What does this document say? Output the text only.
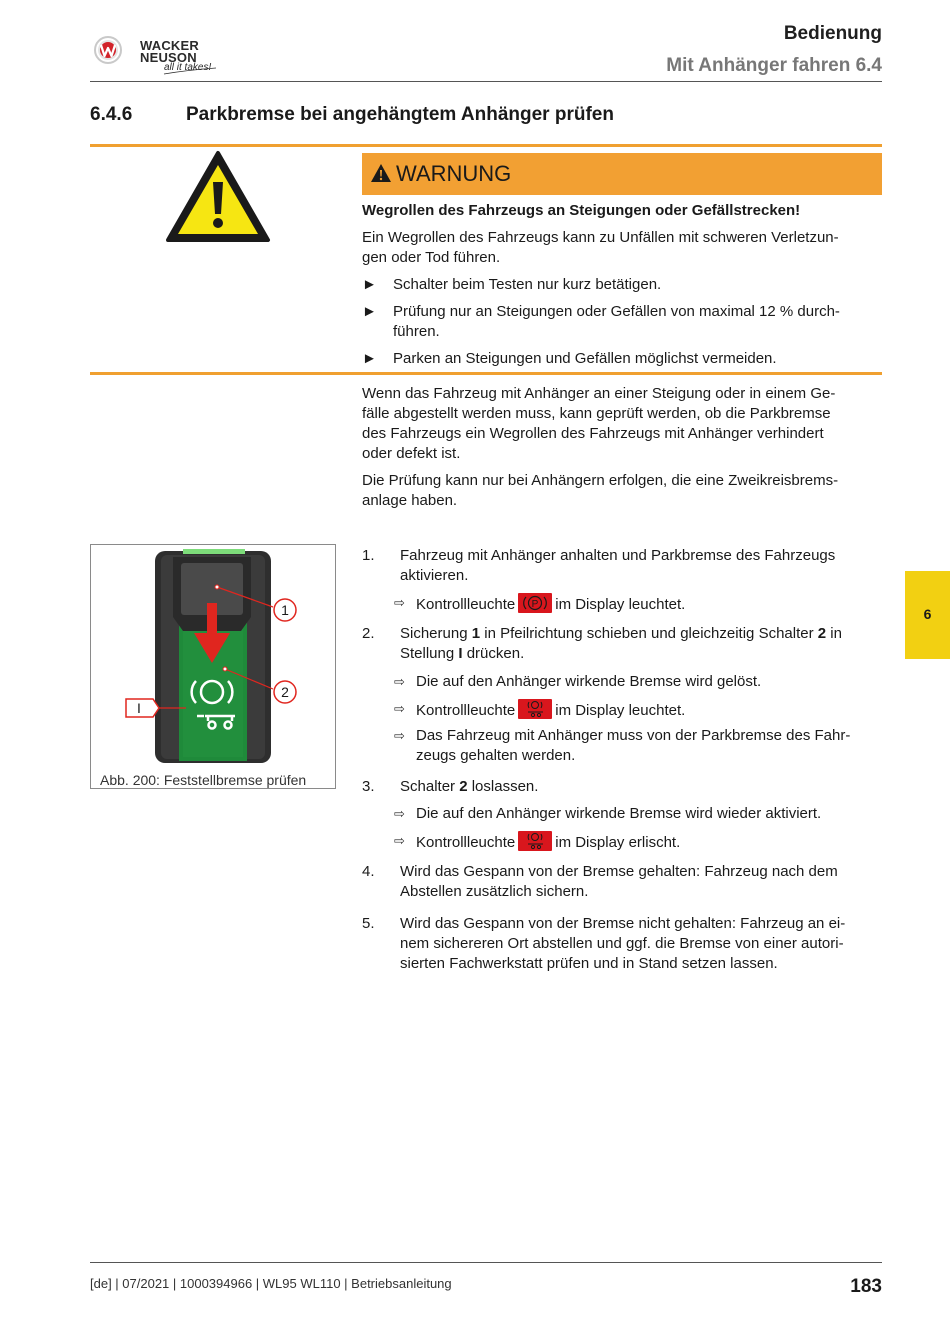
WACKER
NEUSON
all it takes!
Bedienung
Mit Anhänger fahren 6.4
6.4.6	Parkbremse bei angehängtem Anhänger prüfen
WARNUNG
Wegrollen des Fahrzeugs an Steigungen oder Gefällstrecken!
Ein Wegrollen des Fahrzeugs kann zu Unfällen mit schweren Verletzun-
gen oder Tod führen.
► Schalter beim Testen nur kurz betätigen.
► Prüfung nur an Steigungen oder Gefällen von maximal 12 % durch-
führen.
► Parken an Steigungen und Gefällen möglichst vermeiden.
Wenn das Fahrzeug mit Anhänger an einer Steigung oder in einem Ge-
fälle abgestellt werden muss, kann geprüft werden, ob die Parkbremse
des Fahrzeugs ein Wegrollen des Fahrzeugs mit Anhänger verhindert
oder defekt ist.
Die Prüfung kann nur bei Anhängern erfolgen, die eine Zweikreisbrems-
anlage haben.
1
2
I
Abb. 200: Feststellbremse prüfen
1. Fahrzeug mit Anhänger anhalten und Parkbremse des Fahrzeugs
aktivieren.
⇨ Kontrollleuchte P im Display leuchtet.
2. Sicherung 1 in Pfeilrichtung schieben und gleichzeitig Schalter 2 in Stellung I drücken.
⇨ Die auf den Anhänger wirkende Bremse wird gelöst.
⇨ Kontrollleuchte	im Display leuchtet.
⇨ Das Fahrzeug mit Anhänger muss von der Parkbremse des Fahr-
zeugs gehalten werden.
3. Schalter 2 loslassen.
⇨ Die auf den Anhänger wirkende Bremse wird wieder aktiviert.
⇨ Kontrollleuchte	im Display erlischt.
4. Wird das Gespann von der Bremse gehalten: Fahrzeug nach dem
Abstellen zusätzlich sichern.
5. Wird das Gespann von der Bremse nicht gehalten: Fahrzeug an ei-
nem sichereren Ort abstellen und ggf. die Bremse von einer autori-
sierten Fachwerkstatt prüfen und in Stand setzen lassen.
6
[de] | 07/2021 | 1000394966 | WL95 WL110 | Betriebsanleitung	183
